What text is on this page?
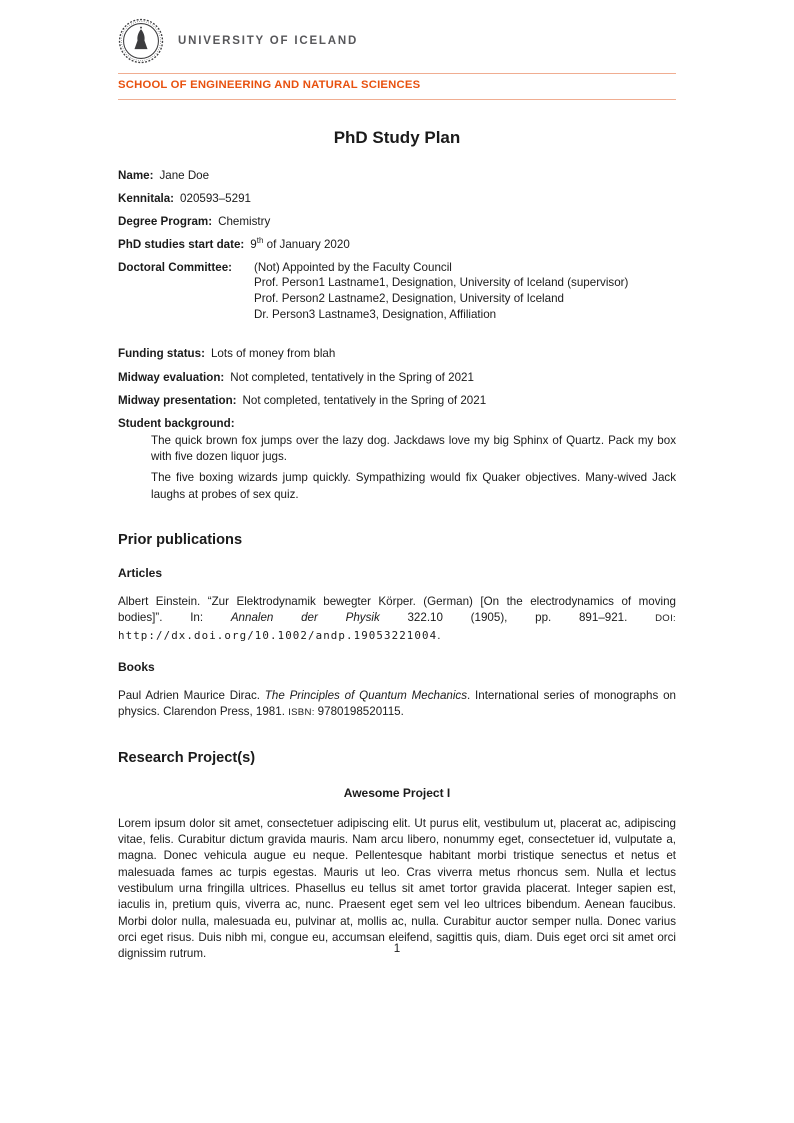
UNIVERSITY OF ICELAND
SCHOOL OF ENGINEERING AND NATURAL SCIENCES
PhD Study Plan
Name: Jane Doe
Kennitala: 020593–5291
Degree Program: Chemistry
PhD studies start date: 9th of January 2020
Doctoral Committee:	(Not) Appointed by the Faculty Council
Prof. Person1 Lastname1, Designation, University of Iceland (supervisor)
Prof. Person2 Lastname2, Designation, University of Iceland
Dr. Person3 Lastname3, Designation, Affiliation
Funding status: Lots of money from blah
Midway evaluation: Not completed, tentatively in the Spring of 2021
Midway presentation: Not completed, tentatively in the Spring of 2021
Student background:

The quick brown fox jumps over the lazy dog. Jackdaws love my big Sphinx of Quartz. Pack my box with five dozen liquor jugs.

The five boxing wizards jump quickly. Sympathizing would fix Quaker objectives. Many-wived Jack laughs at probes of sex quiz.

Prior publications
Articles

Albert Einstein. “Zur Elektrodynamik bewegter Körper. (German) [On the electrodynamics of moving bodies]”. In: Annalen der Physik 322.10 (1905), pp. 891–921. DOI: http://dx.doi.org/10.1002/andp.19053221004.

Books

Paul Adrien Maurice Dirac. The Principles of Quantum Mechanics. International series of monographs on physics. Clarendon Press, 1981. ISBN: 9780198520115.

Research Project(s)
Awesome Project I

Lorem ipsum dolor sit amet, consectetuer adipiscing elit. Ut purus elit, vestibulum ut, placerat ac, adipiscing vitae, felis. Curabitur dictum gravida mauris. Nam arcu libero, nonummy eget, consectetuer id, vulputate a, magna. Donec vehicula augue eu neque. Pellentesque habitant morbi tristique senectus et netus et malesuada fames ac turpis egestas. Mauris ut leo. Cras viverra metus rhoncus sem. Nulla et lectus vestibulum urna fringilla ultrices. Phasellus eu tellus sit amet tortor gravida placerat. Integer sapien est, iaculis in, pretium quis, viverra ac, nunc. Praesent eget sem vel leo ultrices bibendum. Aenean faucibus. Morbi dolor nulla, malesuada eu, pulvinar at, mollis ac, nulla. Curabitur auctor semper nulla. Donec varius orci eget risus. Duis nibh mi, congue eu, accumsan eleifend, sagittis quis, diam. Duis eget orci sit amet orci dignissim rutrum.	1
